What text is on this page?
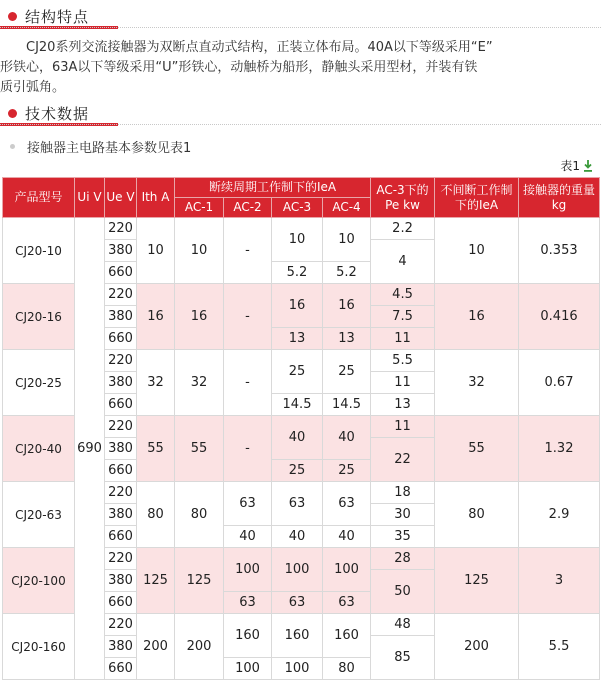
结构特点

CJ20系列交流接触器为双断点直动式结构，正装立体布局。40A以下等级采用“E”

形铁心，63A以下等级采用“U”形铁心，动触桥为船形，静触头采用型材，并装有铁
质引弧角。
技术数据
接触器主电路基本参数见表1
表1
产品型号	Ui V	Ue V	Ith A	断续周期工作制下的IeA				AC-3下的Pe kw	不间断工作制下的IeA	接触器的重量kg
				AC-1	AC-2	AC-3	AC-4			
CJ20-10	690	220	10	10	-	10	10	2.2	10	0.353
		380						4		
		660				5.2	5.2			
CJ20-16		220	16	16	-	16	16	4.5	16	0.416
		380						7.5		
		660				13	13	11		
CJ20-25		220	32	32	-	25	25	5.5	32	0.67
		380						11		
		660				14.5	14.5	13		
CJ20-40		220	55	55	-	40	40	11	55	1.32
		380						22		
		660				25	25			
CJ20-63		220	80	80	63	63	63	18	80	2.9
		380						30		
		660			40	40	40	35		
CJ20-100		220	125	125	100	100	100	28	125	3
		380						50		
		660			63	63	63			
CJ20-160		220	200	200	160	160	160	48	200	5.5
		380						85		
		660			100	100	80			
